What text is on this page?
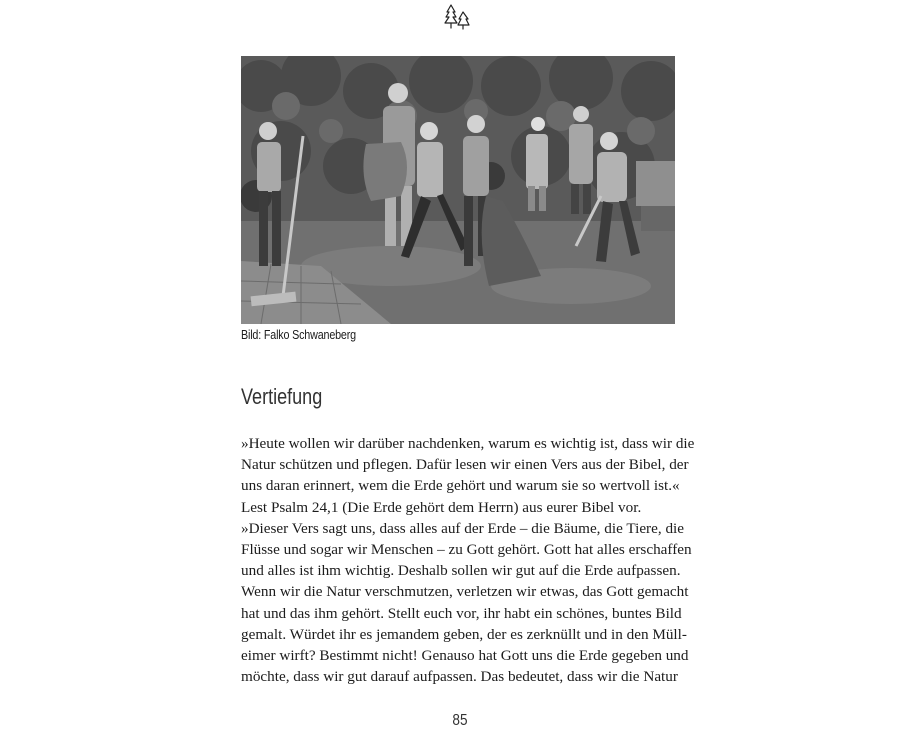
Bild: Falko Schwaneberg
Vertiefung
»Heute wollen wir darüber nachdenken, warum es wichtig ist, dass wir die
Natur schützen und pflegen. Dafür lesen wir einen Vers aus der Bibel, der
uns daran erinnert, wem die Erde gehört und warum sie so wertvoll ist.«
Lest Psalm 24,1 (Die Erde gehört dem Herrn) aus eurer Bibel vor.
»Dieser Vers sagt uns, dass alles auf der Erde – die Bäume, die Tiere, die
Flüsse und sogar wir Menschen – zu Gott gehört. Gott hat alles erschaffen
und alles ist ihm wichtig. Deshalb sollen wir gut auf die Erde aufpassen.
Wenn wir die Natur verschmutzen, verletzen wir etwas, das Gott gemacht
hat und das ihm gehört. Stellt euch vor, ihr habt ein schönes, buntes Bild
gemalt. Würdet ihr es jemandem geben, der es zerknüllt und in den Müll-
eimer wirft? Bestimmt nicht! Genauso hat Gott uns die Erde gegeben und
möchte, dass wir gut darauf aufpassen. Das bedeutet, dass wir die Natur
85
